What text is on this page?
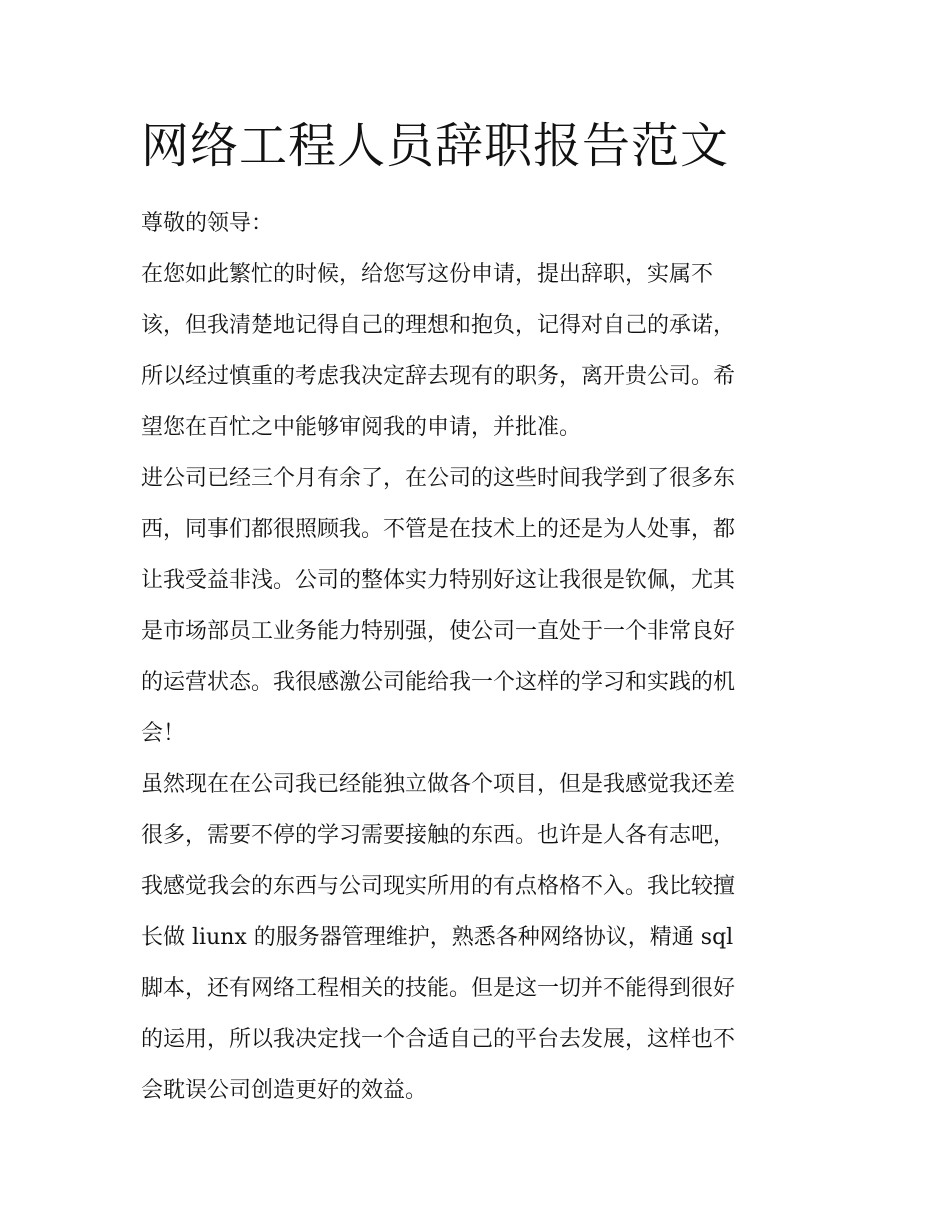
网络工程人员辞职报告范文
尊敬的领导：
在您如此繁忙的时候，给您写这份申请，提出辞职，实属不
该，但我清楚地记得自己的理想和抱负，记得对自己的承诺，
所以经过慎重的考虑我决定辞去现有的职务，离开贵公司。希
望您在百忙之中能够审阅我的申请，并批准。
进公司已经三个月有余了，在公司的这些时间我学到了很多东
西，同事们都很照顾我。不管是在技术上的还是为人处事，都
让我受益非浅。公司的整体实力特别好这让我很是钦佩，尤其
是市场部员工业务能力特别强，使公司一直处于一个非常良好
的运营状态。我很感激公司能给我一个这样的学习和实践的机
会！
虽然现在在公司我已经能独立做各个项目，但是我感觉我还差
很多，需要不停的学习需要接触的东西。也许是人各有志吧，
我感觉我会的东西与公司现实所用的有点格格不入。我比较擅
长做 liunx 的服务器管理维护，熟悉各种网络协议，精通 sql
脚本，还有网络工程相关的技能。但是这一切并不能得到很好
的运用，所以我决定找一个合适自己的平台去发展，这样也不
会耽误公司创造更好的效益。
